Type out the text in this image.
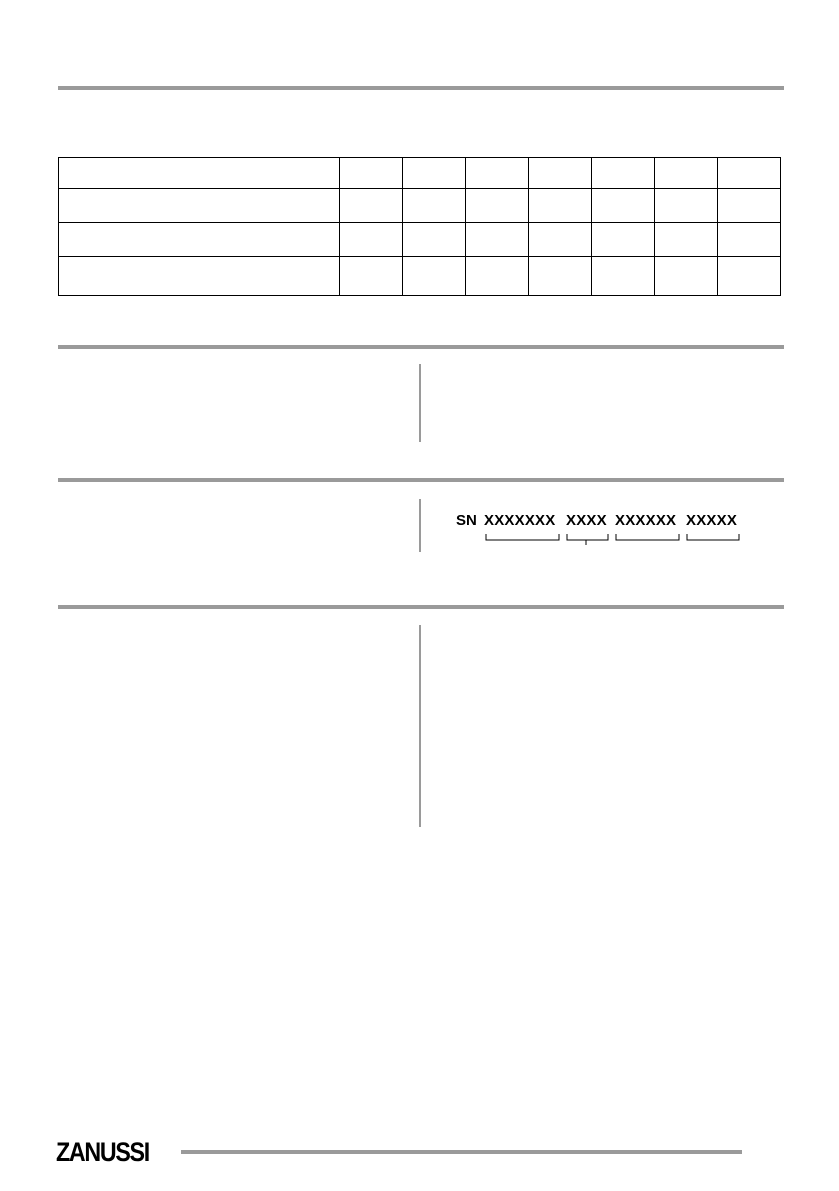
SN XXXXXXX XXXX XXXXXX XXXXX
ZANUSSI
